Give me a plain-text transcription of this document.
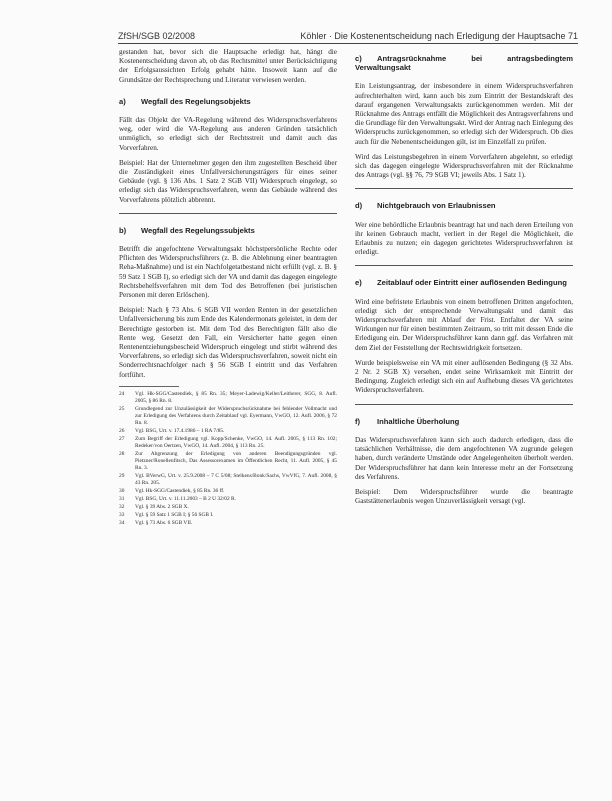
ZfSH/SGB 02/2008	Köhler · Die Kostenentscheidung nach Erledigung der Hauptsache 71

gestanden hat, bevor sich die Hauptsache erledigt hat, hängt die Kostenentscheidung davon ab, ob das Rechtsmittel unter Berücksichtigung der Erfolgsaussichten Erfolg gehabt hätte. Insoweit kann auf die Grundsätze der Rechtsprechung und Literatur verwiesen werden.

a) Wegfall des Regelungsobjekts

Fällt das Objekt der VA-Regelung während des Widerspruchsverfahrens weg, oder wird die VA-Regelung aus anderen Gründen tatsächlich unmöglich, so erledigt sich der Rechtsstreit und damit auch das Vorverfahren.

Beispiel: Hat der Unternehmer gegen den ihm zugestellten Bescheid über die Zuständigkeit eines Unfallversicherungsträgers für eines seiner Gebäude (vgl. § 136 Abs. 1 Satz 2 SGB VII) Widerspruch eingelegt, so erledigt sich das Widerspruchsverfahren, wenn das Gebäude während des Vorverfahrens plötzlich abbrennt.

b) Wegfall des Regelungssubjekts

Betrifft die angefochtene Verwaltungsakt höchstpersönliche Rechte oder Pflichten des Widerspruchsführers (z. B. die Ablehnung einer beantragten Reha-Maßnahme) und ist ein Nachfolgetatbestand nicht erfüllt (vgl. z. B. § 59 Satz 1 SGB I), so erledigt sich der VA und damit das dagegen eingelegte Rechtsbehelfsverfahren mit dem Tod des Betroffenen (bei juristischen Personen mit deren Erlöschen).

Beispiel: Nach § 73 Abs. 6 SGB VII werden Renten in der gesetzlichen Unfallversicherung bis zum Ende des Kalendermonats geleistet, in dem der Berechtigte gestorben ist. Mit dem Tod des Berechtigten fällt also die Rente weg. Gesetzt den Fall, ein Versicherter hatte gegen einen Rentenentziehungsbescheid Widerspruch eingelegt und stirbt während des Vorverfahrens, so erledigt sich das Widerspruchsverfahren, soweit nicht ein Sonderrechtsnachfolger nach § 56 SGB I eintritt und das Verfahren fortführt.

24	Vgl. Hk-SGG/Castendiek, § 85 Rn. 35; Meyer-Ladewig/Keller/Leitherer, SGG, 8. Aufl. 2005, § 86 Rn. 8.
25	Grundlegend zur Unzulässigkeit der Widerspruchsrücknahme bei fehlender Vollmacht und zur Erledigung des Verfahrens durch Zeitablauf vgl. Eyermann, VwGO, 12. Aufl. 2006, § 72 Rn. 8.
26	Vgl. BSG, Urt. v. 17.4.1986 – 1 RA 7/85.
27	Zum Begriff der Erledigung vgl. Kopp/Schenke, VwGO, 14. Aufl. 2005, § 113 Rn. 102; Redeker/von Oertzen, VwGO, 14. Aufl. 2004, § 113 Rn. 25.
28	Zur Abgrenzung der Erledigung von anderen Beendigungsgründen vgl. Pietzner/Ronellenfitsch, Das Assessorexamen im Öffentlichen Recht, 11. Aufl. 2005, § 45 Rn. 3.
29	Vgl. BVerwG, Urt. v. 25.9.2008 – 7 C 5/08; Stelkens/Bonk/Sachs, VwVfG, 7. Aufl. 2008, § 43 Rn. 205.
30	Vgl. Hk-SGG/Castendiek, § 85 Rn. 36 ff.
31	Vgl. BSG, Urt. v. 11.11.2003 – B 2 U 32/02 R.
32	Vgl. § 39 Abs. 2 SGB X.
33	Vgl. § 59 Satz 1 SGB I; § 56 SGB I.
34	Vgl. § 73 Abs. 6 SGB VII.
c) Antragsrücknahme bei antragsbedingtem Verwaltungsakt

Ein Leistungsantrag, der insbesondere in einem Widerspruchsverfahren aufrechterhalten wird, kann auch bis zum Eintritt der Bestandskraft des darauf ergangenen Verwaltungsakts zurückgenommen werden. Mit der Rücknahme des Antrags entfällt die Möglichkeit des Antragsverfahrens und die Grundlage für den Verwaltungsakt. Wird der Antrag nach Einlegung des Widerspruchs zurückgenommen, so erledigt sich der Widerspruch. Ob dies auch für die Nebenentscheidungen gilt, ist im Einzelfall zu prüfen.

Wird das Leistungsbegehren in einem Vorverfahren abgelehnt, so erledigt sich das dagegen eingelegte Widerspruchsverfahren mit der Rücknahme des Antrags (vgl. §§ 76, 79 SGB VI; jeweils Abs. 1 Satz 1).

d) Nichtgebrauch von Erlaubnissen

Wer eine behördliche Erlaubnis beantragt hat und nach deren Erteilung von ihr keinen Gebrauch macht, verliert in der Regel die Möglichkeit, die Erlaubnis zu nutzen; ein dagegen gerichtetes Widerspruchsverfahren ist erledigt.

e) Zeitablauf oder Eintritt einer auflösenden Bedingung

Wird eine befristete Erlaubnis von einem betroffenen Dritten angefochten, erledigt sich der entsprechende Verwaltungsakt und damit das Widerspruchsverfahren mit Ablauf der Frist. Entfaltet der VA seine Wirkungen nur für einen bestimmten Zeitraum, so tritt mit dessen Ende die Erledigung ein. Der Widerspruchsführer kann dann ggf. das Verfahren mit dem Ziel der Feststellung der Rechtswidrigkeit fortsetzen.

Wurde beispielsweise ein VA mit einer auflösenden Bedingung (§ 32 Abs. 2 Nr. 2 SGB X) versehen, endet seine Wirksamkeit mit Eintritt der Bedingung. Zugleich erledigt sich ein auf Aufhebung dieses VA gerichtetes Widerspruchsverfahren.

f) Inhaltliche Überholung

Das Widerspruchsverfahren kann sich auch dadurch erledigen, dass die tatsächlichen Verhältnisse, die dem angefochtenen VA zugrunde gelegen haben, durch veränderte Umstände oder Angelegenheiten überholt werden. Der Widerspruchsführer hat dann kein Interesse mehr an der Fortsetzung des Verfahrens.

Beispiel: Dem Widerspruchsführer wurde die beantragte Gaststättenerlaubnis wegen Unzuverlässigkeit versagt (vgl.
